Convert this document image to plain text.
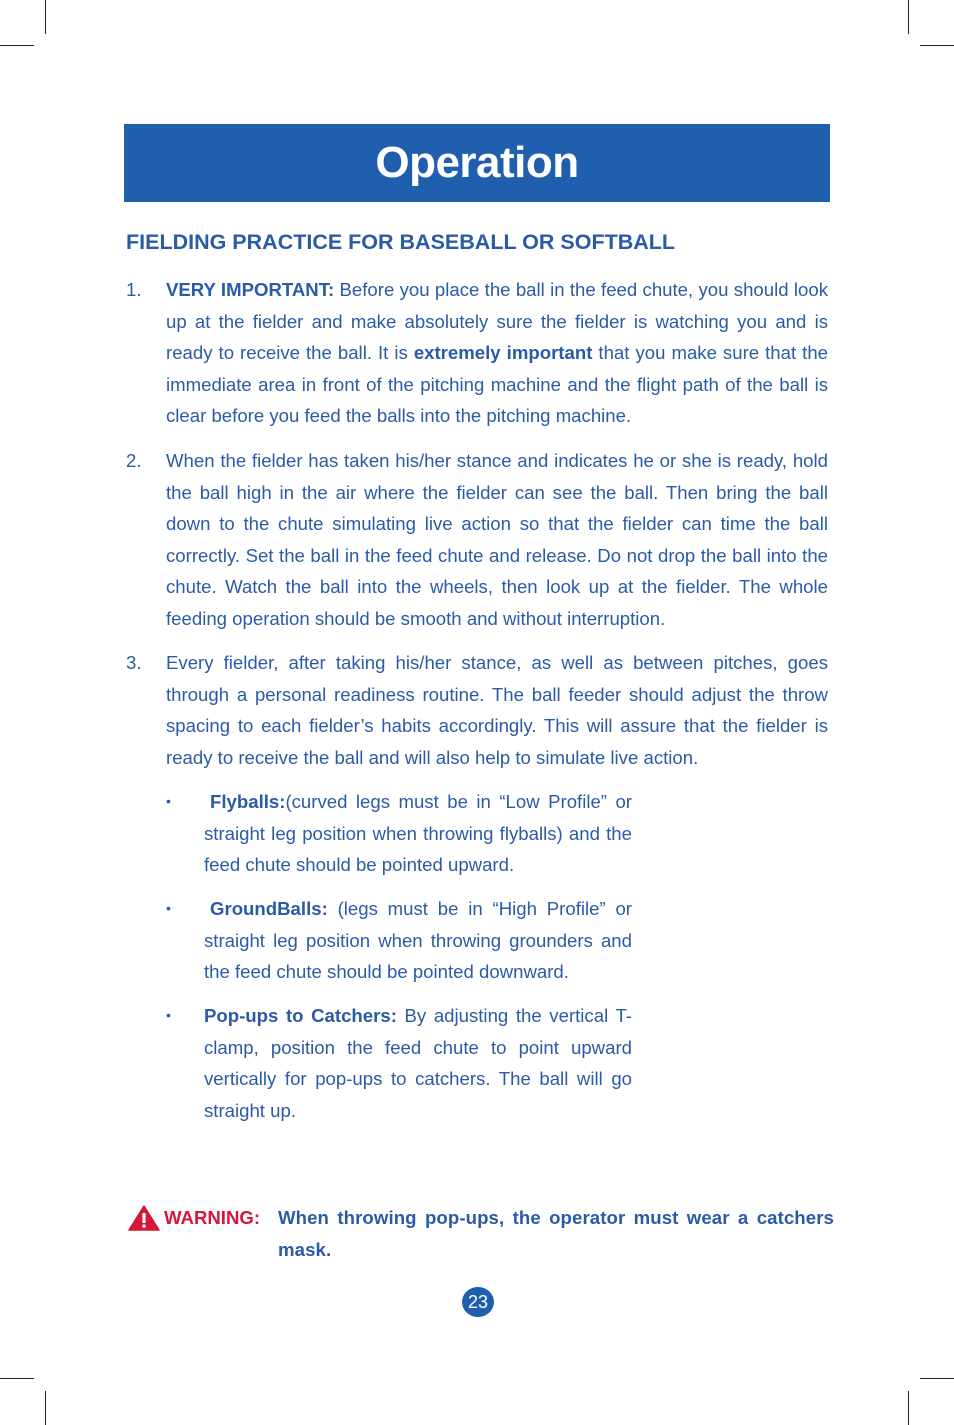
Operation
FIELDING PRACTICE FOR BASEBALL OR SOFTBALL
1. VERY IMPORTANT: Before you place the ball in the feed chute, you should look up at the fielder and make absolutely sure the fielder is watching you and is ready to receive the ball. It is extremely important that you make sure that the immediate area in front of the pitching machine and the flight path of the ball is clear before you feed the balls into the pitching machine.
2. When the fielder has taken his/her stance and indicates he or she is ready, hold the ball high in the air where the fielder can see the ball. Then bring the ball down to the chute simulating live action so that the fielder can time the ball correctly. Set the ball in the feed chute and release. Do not drop the ball into the chute. Watch the ball into the wheels, then look up at the fielder. The whole feeding operation should be smooth and without interruption.
3. Every fielder, after taking his/her stance, as well as between pitches, goes through a personal readiness routine. The ball feeder should adjust the throw spacing to each fielder’s habits accordingly. This will assure that the fielder is ready to receive the ball and will also help to simulate live action.
•	Flyballs:(curved legs must be in “Low Profile” or straight leg position when throwing flyballs) and the feed chute should be pointed upward.
•	GroundBalls: (legs must be in “High Profile” or straight leg position when throwing grounders and the feed chute should be pointed downward.
• Pop-ups to Catchers: By adjusting the vertical T-clamp, position the feed chute to point upward vertically for pop-ups to catchers. The ball will go straight up.
WARNING: When throwing pop-ups, the operator must wear a catchers mask.
23
